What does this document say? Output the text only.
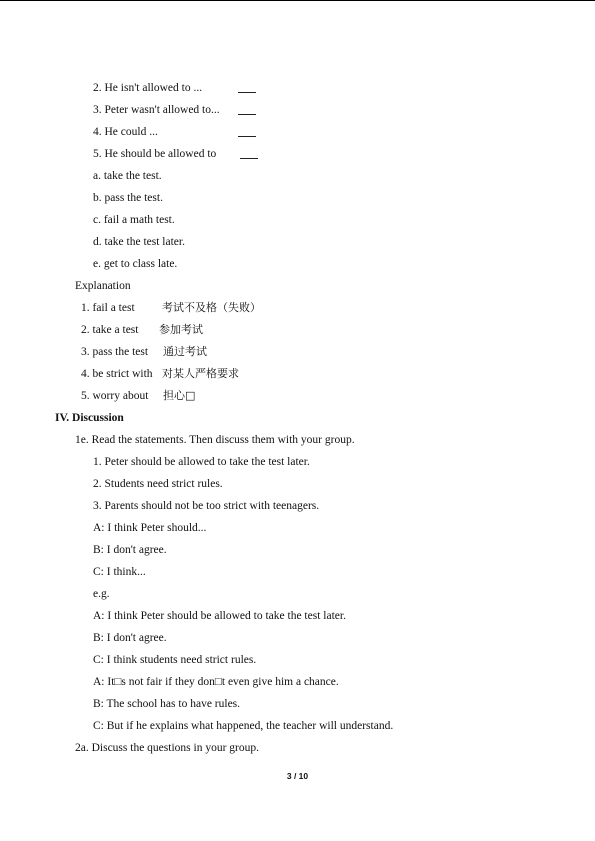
2. He isn't allowed to ...
3. Peter wasn't allowed to...
4. He could ...
5. He should be allowed to
a. take the test.
b. pass the test.
c. fail a math test.
d. take the test later.
e. get to class late.
Explanation
1. fail a test 考试不及格（失败）
2. take a test 参加考试
3. pass the test 通过考试
4. be strict with 对某人严格要求
5. worry about 担心□
IV. Discussion
1e. Read the statements. Then discuss them with your group.
1. Peter should be allowed to take the test later.
2. Students need strict rules.
3. Parents should not be too strict with teenagers.
A: I think Peter should...
B: I don't agree.
C: I think...
e.g.
A: I think Peter should be allowed to take the test later.
B: I don't agree.
C: I think students need strict rules.
A: It□s not fair if they don□t even give him a chance.
B: The school has to have rules.
C: But if he explains what happened, the teacher will understand.
2a. Discuss the questions in your group.
3 / 10
